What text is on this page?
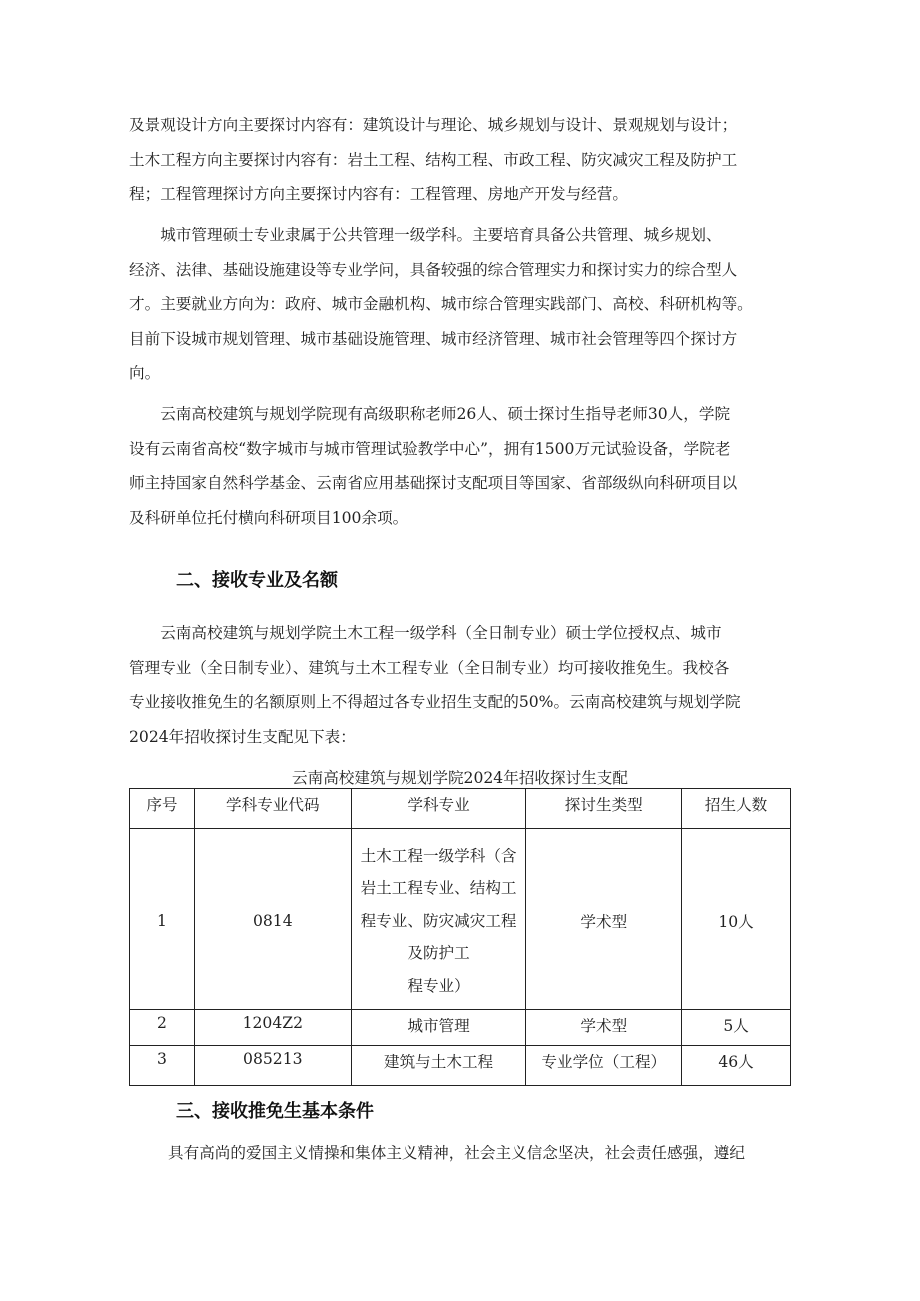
及景观设计方向主要探讨内容有：建筑设计与理论、城乡规划与设计、景观规划与设计；
土木工程方向主要探讨内容有：岩土工程、结构工程、市政工程、防灾减灾工程及防护工
程；工程管理探讨方向主要探讨内容有：工程管理、房地产开发与经营。
城市管理硕士专业隶属于公共管理一级学科。主要培育具备公共管理、城乡规划、
经济、法律、基础设施建设等专业学问，具备较强的综合管理实力和探讨实力的综合型人
才。主要就业方向为：政府、城市金融机构、城市综合管理实践部门、高校、科研机构等。
目前下设城市规划管理、城市基础设施管理、城市经济管理、城市社会管理等四个探讨方
向。
云南高校建筑与规划学院现有高级职称老师26人、硕士探讨生指导老师30人，学院
设有云南省高校“数字城市与城市管理试验教学中心”，拥有1500万元试验设备，学院老
师主持国家自然科学基金、云南省应用基础探讨支配项目等国家、省部级纵向科研项目以
及科研单位托付横向科研项目100余项。
二、接收专业及名额
云南高校建筑与规划学院土木工程一级学科（全日制专业）硕士学位授权点、城市
管理专业（全日制专业）、建筑与土木工程专业（全日制专业）均可接收推免生。我校各
专业接收推免生的名额原则上不得超过各专业招生支配的50%。云南高校建筑与规划学院
2024年招收探讨生支配见下表：

云南高校建筑与规划学院2024年招收探讨生支配

序号	学科专业代码	学科专业	探讨生类型	招生人数
1	0814	土木工程一级学科（含
岩土工程专业、结构工
程专业、防灾减灾工程
及防护工
程专业）	学术型	10人
2	1204Z2	城市管理	学术型	5人
3	085213	建筑与土木工程	专业学位（工程）	46人
三、接收推免生基本条件
具有高尚的爱国主义情操和集体主义精神，社会主义信念坚决，社会责任感强，遵纪
